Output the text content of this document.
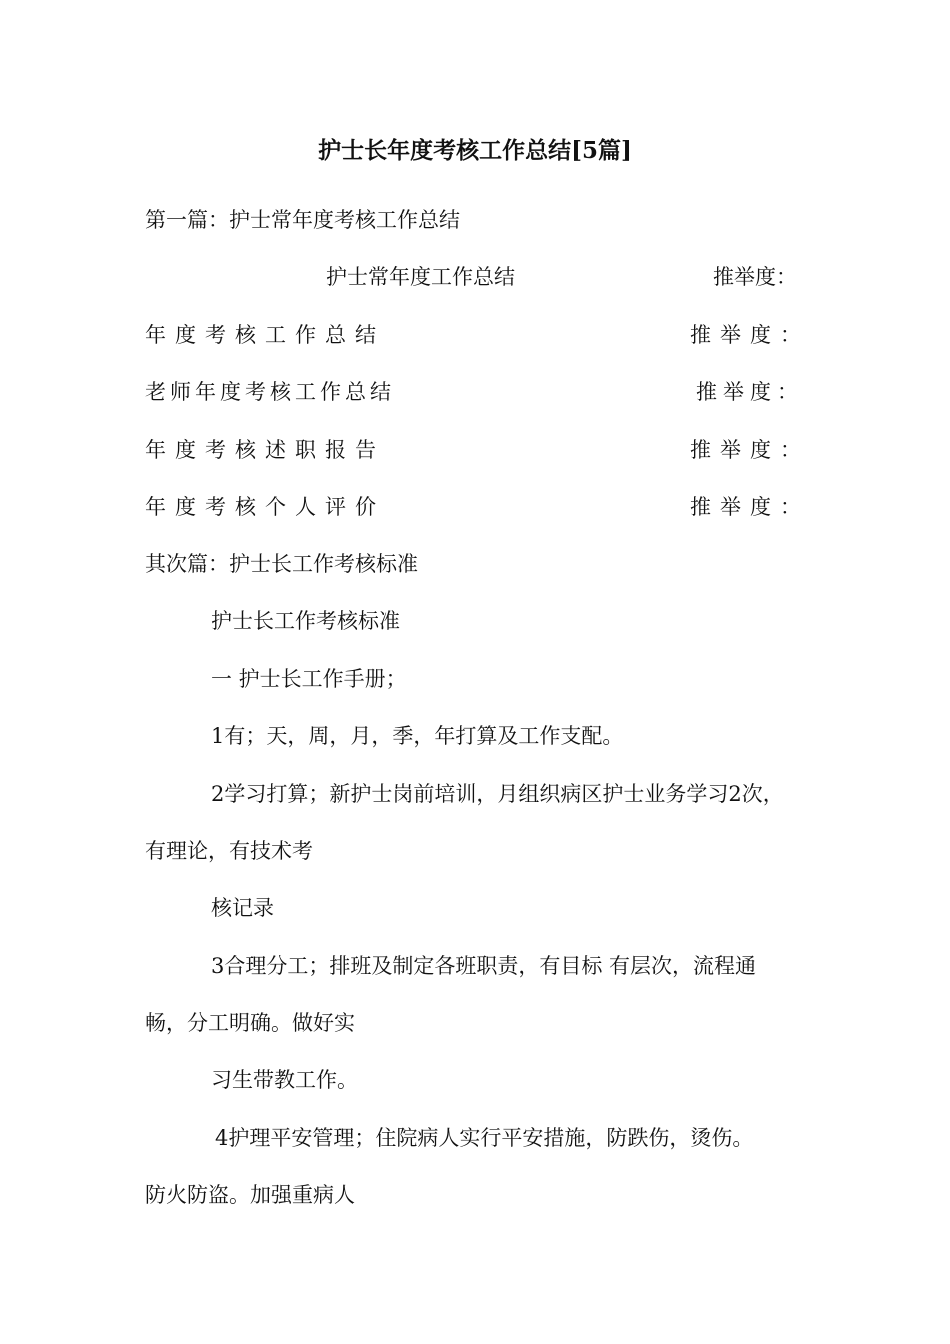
护士长年度考核工作总结[5篇]
第一篇：护士常年度考核工作总结
护士常年度工作总结	推举度：
年度考核工作总结	推举度：
老师年度考核工作总结	推举度：
年度考核述职报告	推举度：
年度考核个人评价	推举度：
其次篇：护士长工作考核标准
护士长工作考核标准
一 护士长工作手册；
1有；天，周，月，季，年打算及工作支配。
2学习打算；新护士岗前培训，月组织病区护士业务学习2次，
有理论，有技术考
核记录
3合理分工；排班及制定各班职责，有目标 有层次，流程通
畅，分工明确。做好实
习生带教工作。
4护理平安管理；住院病人实行平安措施，防跌伤，烫伤。
防火防盗。加强重病人
